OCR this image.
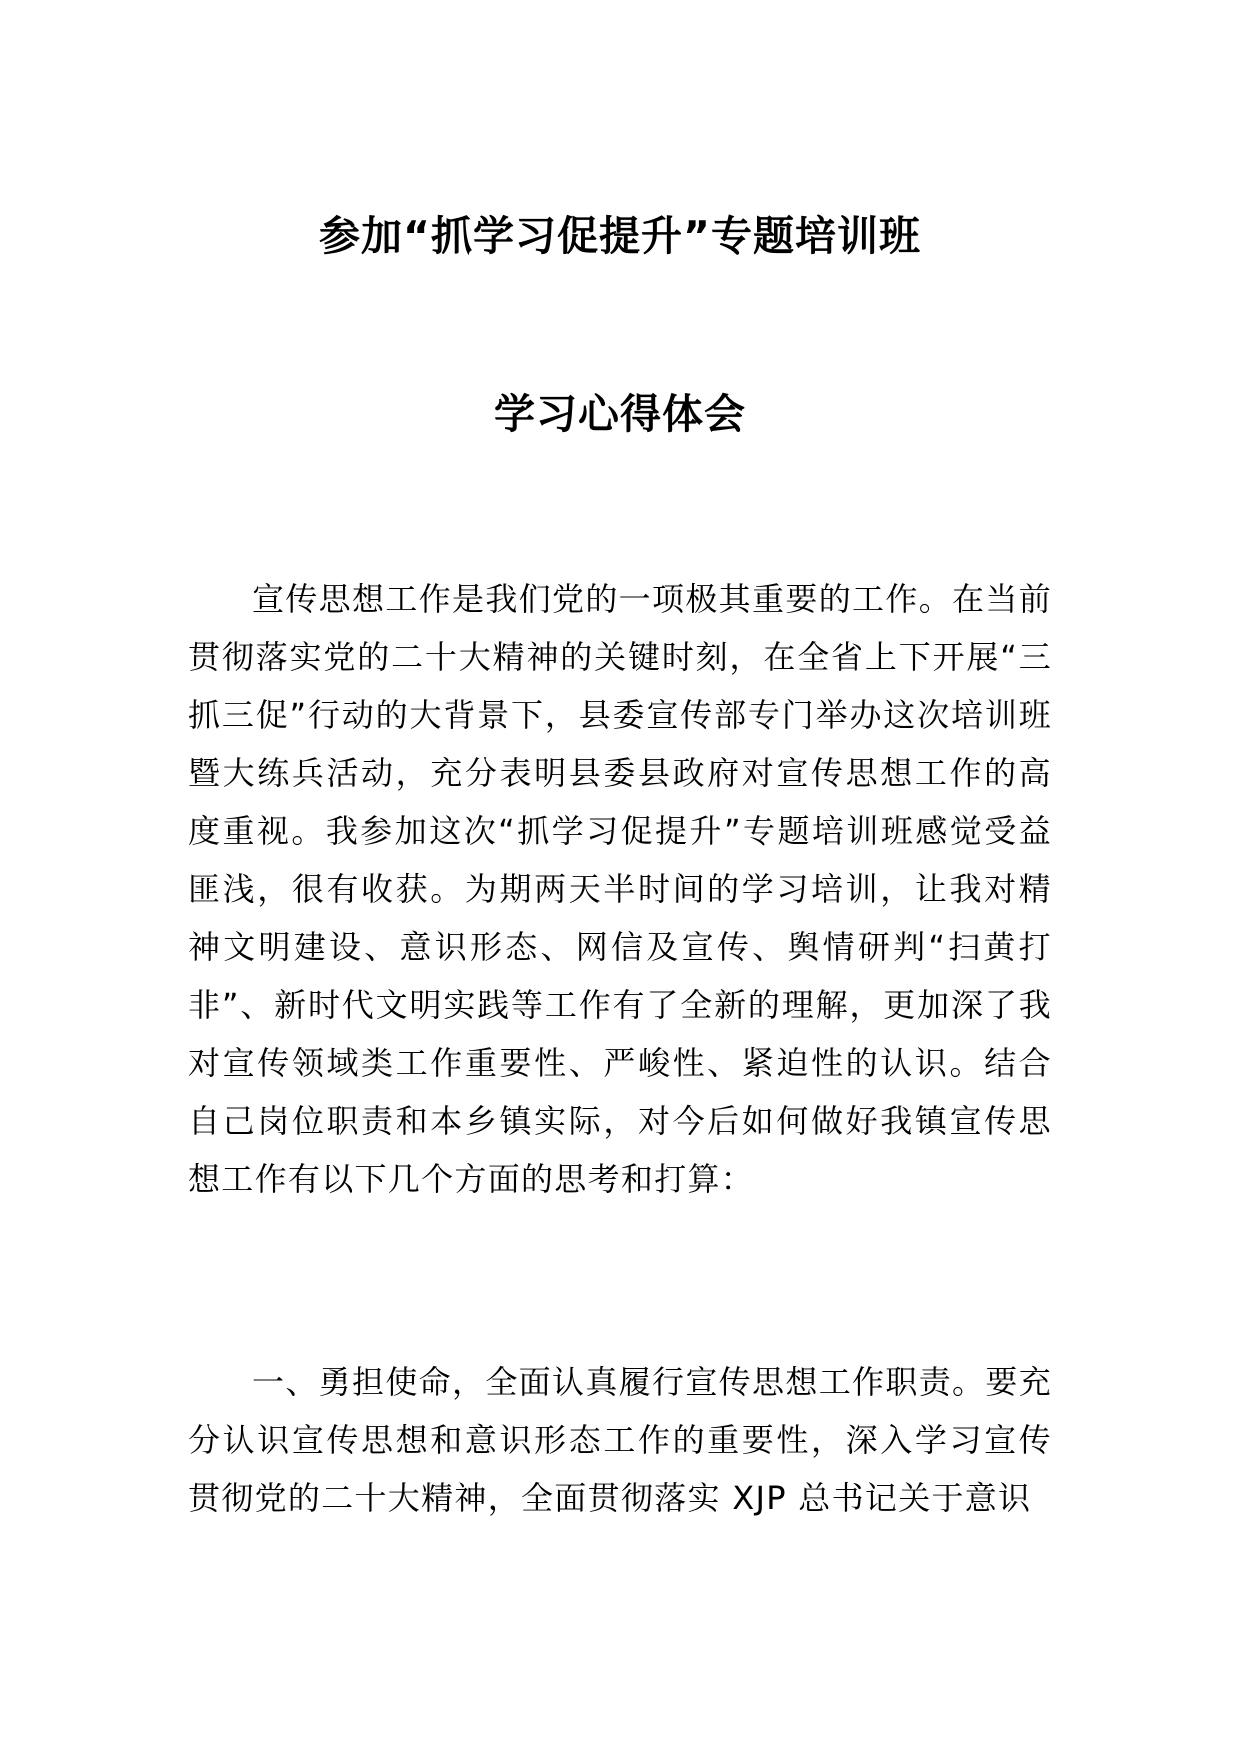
参加“抓学习促提升”专题培训班
学习心得体会
宣传思想工作是我们党的一项极其重要的工作。在当前贯彻落实党的二十大精神的关键时刻，在全省上下开展“三抓三促”行动的大背景下，县委宣传部专门举办这次培训班暨大练兵活动，充分表明县委县政府对宣传思想工作的高度重视。我参加这次“抓学习促提升”专题培训班感觉受益匪浅，很有收获。为期两天半时间的学习培训，让我对精神文明建设、意识形态、网信及宣传、舆情研判“扫黄打非”、新时代文明实践等工作有了全新的理解，更加深了我对宣传领域类工作重要性、严峻性、紧迫性的认识。结合自己岗位职责和本乡镇实际，对今后如何做好我镇宣传思想工作有以下几个方面的思考和打算：
一、勇担使命，全面认真履行宣传思想工作职责。要充分认识宣传思想和意识形态工作的重要性，深入学习宣传贯彻党的二十大精神，全面贯彻落实 XJP 总书记关于意识
